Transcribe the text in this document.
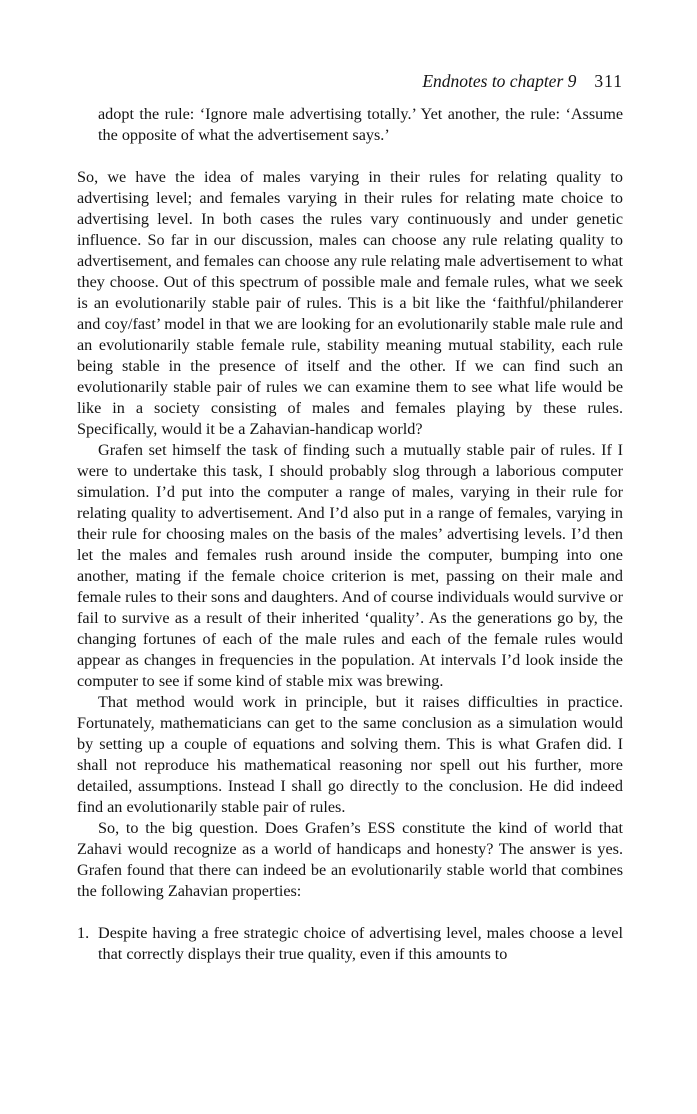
Endnotes to chapter 9 311

adopt the rule: ‘Ignore male advertising totally.’ Yet another, the rule: ‘Assume the opposite of what the advertisement says.’

So, we have the idea of males varying in their rules for relating quality to advertising level; and females varying in their rules for relating mate choice to advertising level. In both cases the rules vary continuously and under genetic influence. So far in our discussion, males can choose any rule relating quality to advertisement, and females can choose any rule relating male advertisement to what they choose. Out of this spectrum of possible male and female rules, what we seek is an evolutionarily stable pair of rules. This is a bit like the ‘faithful/philanderer and coy/fast’ model in that we are looking for an evolutionarily stable male rule and an evolutionarily stable female rule, stability meaning mutual stability, each rule being stable in the presence of itself and the other. If we can find such an evolutionarily stable pair of rules we can examine them to see what life would be like in a society consisting of males and females playing by these rules. Specifically, would it be a Zahavian-handicap world?

Grafen set himself the task of finding such a mutually stable pair of rules. If I were to undertake this task, I should probably slog through a laborious computer simulation. I’d put into the computer a range of males, varying in their rule for relating quality to advertisement. And I’d also put in a range of females, varying in their rule for choosing males on the basis of the males’ advertising levels. I’d then let the males and females rush around inside the computer, bumping into one another, mating if the female choice criterion is met, passing on their male and female rules to their sons and daughters. And of course individuals would survive or fail to survive as a result of their inherited ‘quality’. As the generations go by, the changing fortunes of each of the male rules and each of the female rules would appear as changes in frequencies in the population. At intervals I’d look inside the computer to see if some kind of stable mix was brewing.

That method would work in principle, but it raises difficulties in practice. Fortunately, mathematicians can get to the same conclusion as a simulation would by setting up a couple of equations and solving them. This is what Grafen did. I shall not reproduce his mathematical reasoning nor spell out his further, more detailed, assumptions. Instead I shall go directly to the conclusion. He did indeed find an evolutionarily stable pair of rules.

So, to the big question. Does Grafen’s ESS constitute the kind of world that Zahavi would recognize as a world of handicaps and honesty? The answer is yes. Grafen found that there can indeed be an evolutionarily stable world that combines the following Zahavian properties:

1. Despite having a free strategic choice of advertising level, males choose a level that correctly displays their true quality, even if this amounts to
